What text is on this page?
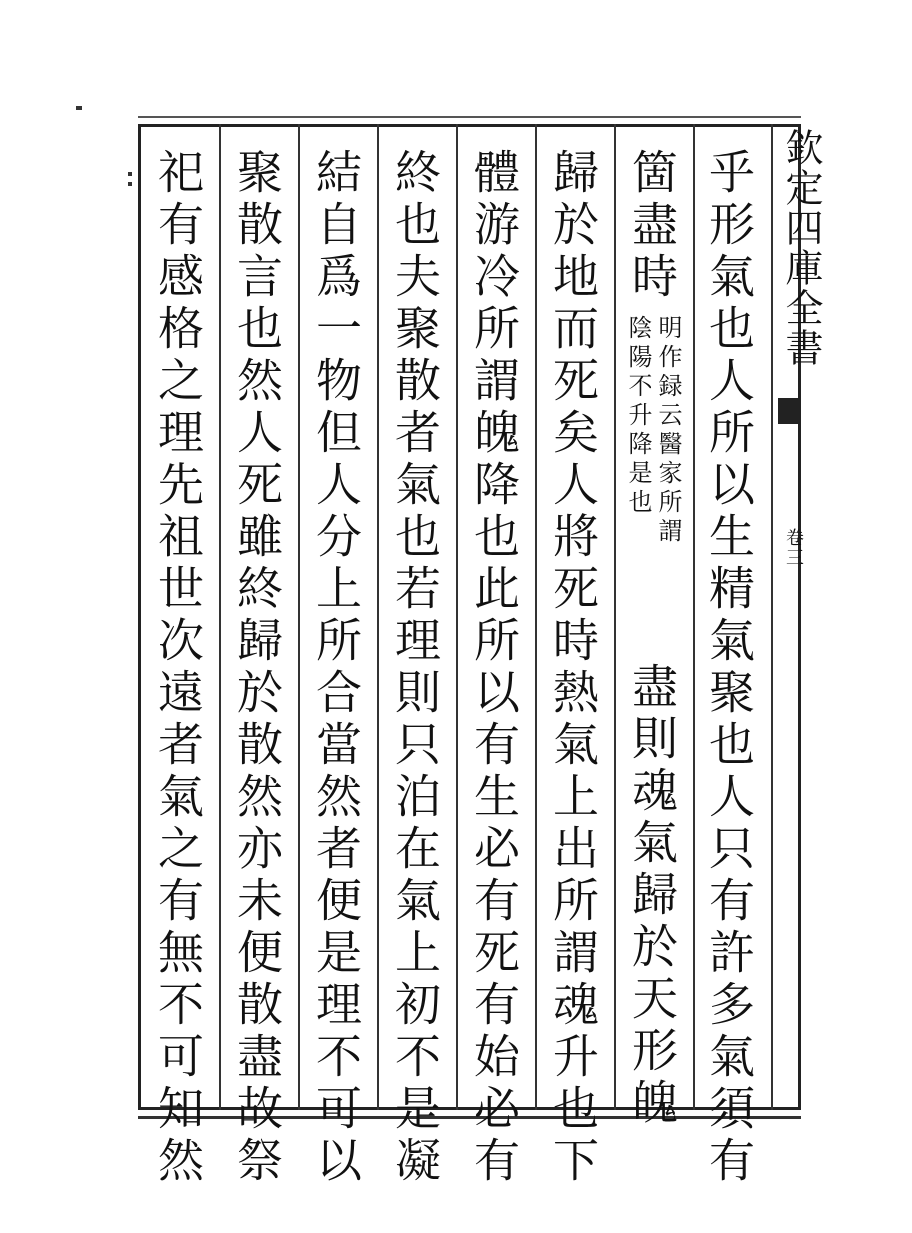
欽定四庫全書
卷三
乎形氣也人所以生精氣聚也人只有許多氣須有
箇盡時
明作録云醫家所謂
陰陽不升降是也
盡則魂氣歸於天形魄
歸於地而死矣人將死時熱氣上出所謂魂升也下
體游冷所謂魄降也此所以有生必有死有始必有
終也夫聚散者氣也若理則只泊在氣上初不是凝
結自爲一物但人分上所合當然者便是理不可以
聚散言也然人死雖終歸於散然亦未便散盡故祭
祀有感格之理先祖世次遠者氣之有無不可知然
